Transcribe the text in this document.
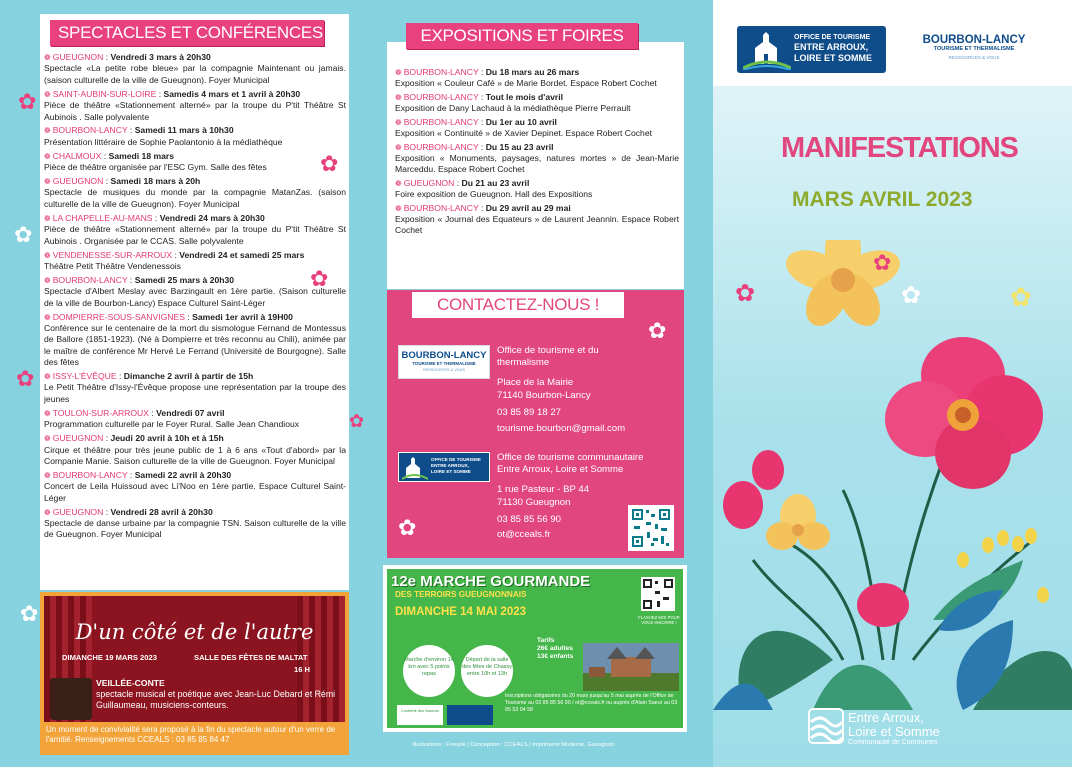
SPECTACLES ET CONFÉRENCES
❁ GUEUGNON : Vendredi 3 mars à 20h30
Spectacle «La petite robe bleue» par la compagnie Maintenant ou jamais. (saison culturelle de la ville de Gueugnon). Foyer Municipal
❁ SAINT-AUBIN-SUR-LOIRE : Samedis 4 mars et 1 avril à 20h30
Pièce de théâtre «Stationnement alterné» par la troupe du P'tit Théâtre St Aubinois . Salle polyvalente
❁ BOURBON-LANCY : Samedi 11 mars à 10h30
Présentation littéraire de Sophie Paolantonio à la médiathèque
❁ CHALMOUX : Samedi 18 mars
Pièce de théâtre organisée par l'ESC Gym. Salle des fêtes
❁ GUEUGNON : Samedi 18 mars à 20h
Spectacle de musiques du monde par la compagnie MatanZas. (saison culturelle de la ville de Gueugnon). Foyer Municipal
❁ LA CHAPELLE-AU-MANS : Vendredi 24 mars à 20h30
Pièce de théâtre «Stationnement alterné» par la troupe du P'tit Théâtre St Aubinois . Organisée par le CCAS. Salle polyvalente
❁ VENDENESSE-SUR-ARROUX : Vendredi 24 et samedi 25 mars
Théâtre Petit Théâtre Vendenessois
❁ BOURBON-LANCY : Samedi 25 mars à 20h30
Spectacle d'Albert Meslay avec Barzingault en 1ère partie. (Saison culturelle de la ville de Bourbon-Lancy) Espace Culturel Saint-Léger
❁ DOMPIERRE-SOUS-SANVIGNES : Samedi 1er avril à 19H00
Conférence sur le centenaire de la mort du sismologue Fernand de Montessus de Ballore (1851-1923). (Né à Dompierre et très reconnu au Chili), animée par le maître de conférence Mr Hervé Le Ferrand (Université de Bourgogne). Salle des fêtes
❁ ISSY-L'ÉVÊQUE : Dimanche 2 avril à partir de 15h
Le Petit Théâtre d'Issy-l'Évêque propose une représentation par la troupe des jeunes
❁ TOULON-SUR-ARROUX : Vendredi 07 avril
Programmation culturelle par le Foyer Rural. Salle Jean Chandioux
❁ GUEUGNON : Jeudi 20 avril à 10h et à 15h
Cirque et théâtre pour très jeune public de 1 à 6 ans «Tout d'abord» par la Companie Manie. Saison culturelle de la ville de Gueugnon. Foyer Municipal
❁ BOURBON-LANCY : Samedi 22 avril à 20h30
Concert de Leila Huissoud avec Li'Noo en 1ère partie. Espace Culturel Saint-Léger
❁ GUEUGNON : Vendredi 28 avril à 20h30
Spectacle de danse urbaine par la compagnie TSN. Saison culturelle de la ville de Gueugnon. Foyer Municipal
D'un côté et de l'autre
DIMANCHE 19 MARS 2023	SALLE DES FÊTES DE MALTAT
16 H
VEILLÉE-CONTE
spectacle musical et poétique avec Jean-Luc Debard et Rémi Guillaumeau, musiciens-conteurs.
Un moment de convivialité sera proposé à la fin du spectacle autour d'un verre de l'amitié. Renseignements CCEALS : 03 85 85 84 47
EXPOSITIONS ET FOIRES
❁ BOURBON-LANCY : Du 18 mars au 26 mars
Exposition « Couleur Café » de Marie Bordet. Espace Robert Cochet
❁ BOURBON-LANCY : Tout le mois d'avril
Exposition de Dany Lachaud à la médiathèque Pierre Perrault
❁ BOURBON-LANCY : Du 1er au 10 avril
Exposition « Continuité » de Xavier Depinet. Espace Robert Cochet
❁ BOURBON-LANCY : Du 15 au 23 avril
Exposition « Monuments, paysages, natures mortes » de Jean-Marie Marceddu. Espace Robert Cochet
❁ GUEUGNON : Du 21 au 23 avril
Foire exposition de Gueugnon. Hall des Expositions
❁ BOURBON-LANCY : Du 29 avril au 29 mai
Exposition « Journal des Equateurs » de Laurent Jeannin. Espace Robert Cochet
CONTACTEZ-NOUS !
BOURBON-LANCY
TOURISME ET THERMALISME
RESSOURCES & VOUS
Office de tourisme et du thermalisme
Place de la Mairie
71140 Bourbon-Lancy
03 85 89 18 27
tourisme.bourbon@gmail.com
OFFICE DE TOURISME
ENTRE ARROUX,
LOIRE ET SOMME
Office de tourisme communautaire Entre Arroux, Loire et Somme
1 rue Pasteur - BP 44
71130 Gueugnon
03 85 85 56 90
ot@cceals.fr
12e MARCHE GOURMANDE
DES TERROIRS GUEUGNONNAIS
DIMANCHE 14 MAI 2023
Marche d'environ 14 km avec 5 points repas
Départ de la salle des fêtes de Chassy entre 10h et 13h
Tarifs
26€ adultes
13€ enfants
FLASHEZ-MOI POUR VOUS INSCRIRE !
Confrérie des Saveurs
Inscriptions obligatoires du 20 mars jusqu'au 5 mai auprès de l'Office de Tourisme au 03 85 85 56 90 / ot@cceals.fr ou auprès d'Alain Saeur au 03 85 53 04 58
Illustrations : Freepik | Conception : CCEALS | Imprimerie Moderne, Gueugnon
OFFICE DE TOURISME
ENTRE ARROUX,
LOIRE ET SOMME
BOURBON-LANCY
TOURISME ET THERMALISME
RESSOURCES & VOUS
MANIFESTATIONS
MARS AVRIL 2023
✿
✿
✿
✿
✿
✿
✿
✿
✿
✿
✿
✿	✿
Entre Arroux,
Loire et Somme
Communauté de Communes
